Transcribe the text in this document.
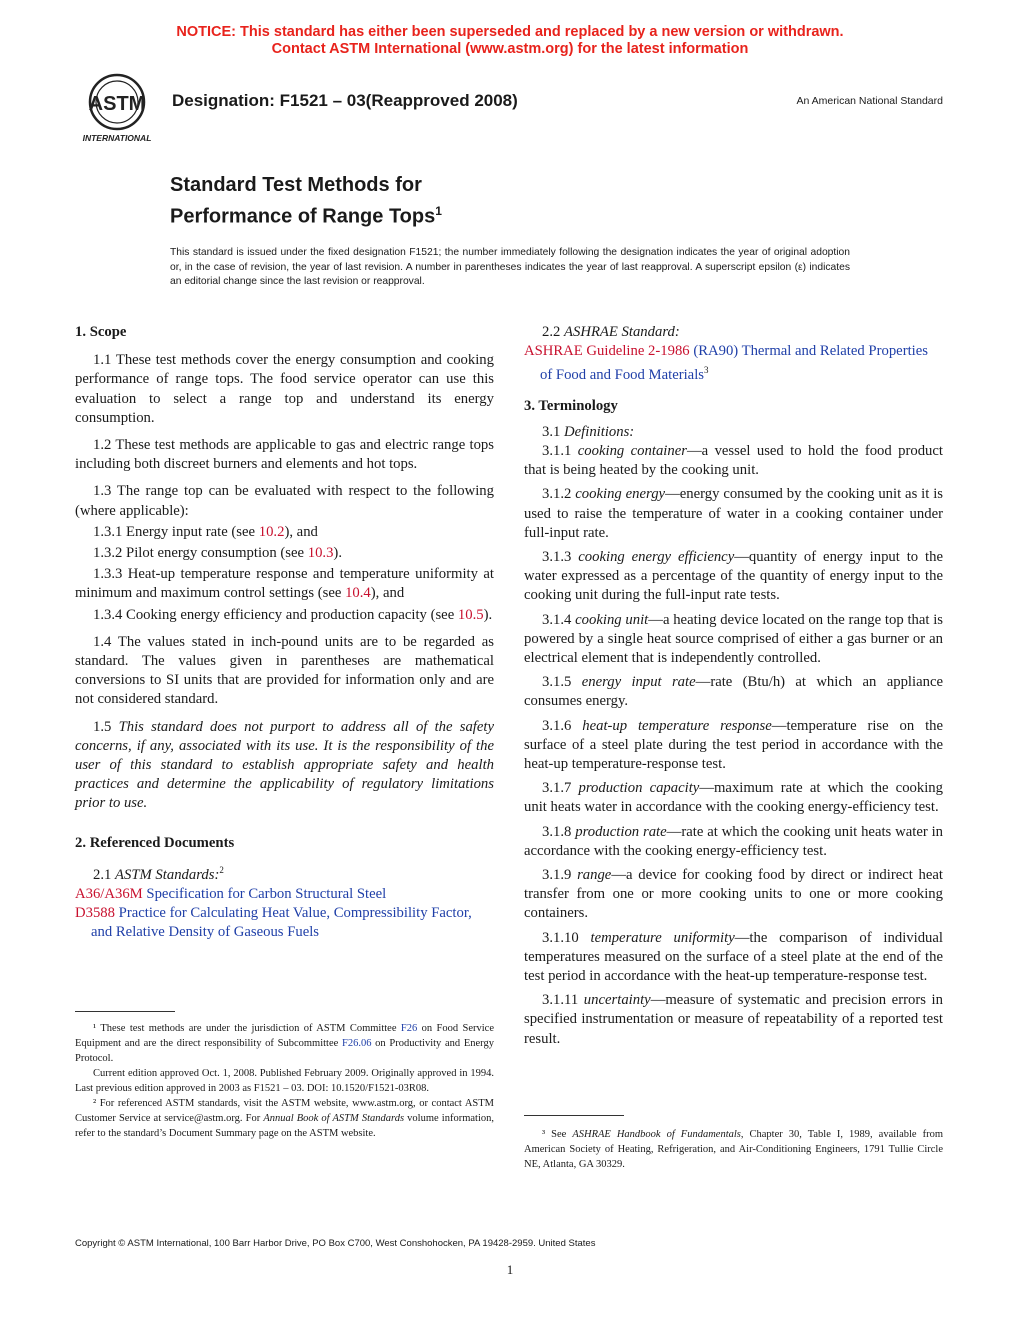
NOTICE: This standard has either been superseded and replaced by a new version or withdrawn.
Contact ASTM International (www.astm.org) for the latest information
ASTM
INTERNATIONAL
Designation: F1521 – 03(Reapproved 2008)	An American National Standard
Standard Test Methods for
Performance of Range Tops$^1$
This standard is issued under the fixed designation F1521; the number immediately following the designation indicates the year of original adoption or, in the case of revision, the year of last revision. A number in parentheses indicates the year of last reapproval. A superscript epsilon (ε) indicates an editorial change since the last revision or reapproval.

1. Scope

1.1 These test methods cover the energy consumption and cooking performance of range tops. The food service operator can use this evaluation to select a range top and understand its energy consumption.

1.2 These test methods are applicable to gas and electric range tops including both discreet burners and elements and hot tops.

1.3 The range top can be evaluated with respect to the following (where applicable):

1.3.1 Energy input rate (see 10.2), and

1.3.2 Pilot energy consumption (see 10.3).

1.3.3 Heat-up temperature response and temperature uniformity at minimum and maximum control settings (see 10.4), and

1.3.4 Cooking energy efficiency and production capacity (see 10.5).

1.4 The values stated in inch-pound units are to be regarded as standard. The values given in parentheses are mathematical conversions to SI units that are provided for information only and are not considered standard.

1.5 This standard does not purport to address all of the safety concerns, if any, associated with its use. It is the responsibility of the user of this standard to establish appropriate safety and health practices and determine the applicability of regulatory limitations prior to use.

2. Referenced Documents

2.1 ASTM Standards:$^2$

A36/A36M Specification for Carbon Structural Steel

D3588 Practice for Calculating Heat Value, Compressibility Factor, and Relative Density of Gaseous Fuels

¹ These test methods are under the jurisdiction of ASTM Committee F26 on Food Service Equipment and are the direct responsibility of Subcommittee F26.06 on Productivity and Energy Protocol.

Current edition approved Oct. 1, 2008. Published February 2009. Originally approved in 1994. Last previous edition approved in 2003 as F1521 – 03. DOI: 10.1520/F1521-03R08.

² For referenced ASTM standards, visit the ASTM website, www.astm.org, or contact ASTM Customer Service at service@astm.org. For Annual Book of ASTM Standards volume information, refer to the standard’s Document Summary page on the ASTM website.

2.2 ASHRAE Standard:

ASHRAE Guideline 2-1986 (RA90) Thermal and Related Properties of Food and Food Materials$^3$

3. Terminology

3.1 Definitions:

3.1.1 cooking container—a vessel used to hold the food product that is being heated by the cooking unit.

3.1.2 cooking energy—energy consumed by the cooking unit as it is used to raise the temperature of water in a cooking container under full-input rate.

3.1.3 cooking energy efficiency—quantity of energy input to the water expressed as a percentage of the quantity of energy input to the cooking unit during the full-input rate tests.

3.1.4 cooking unit—a heating device located on the range top that is powered by a single heat source comprised of either a gas burner or an electrical element that is independently controlled.

3.1.5 energy input rate—rate (Btu/h) at which an appliance consumes energy.

3.1.6 heat-up temperature response—temperature rise on the surface of a steel plate during the test period in accordance with the heat-up temperature-response test.

3.1.7 production capacity—maximum rate at which the cooking unit heats water in accordance with the cooking energy-efficiency test.

3.1.8 production rate—rate at which the cooking unit heats water in accordance with the cooking energy-efficiency test.

3.1.9 range—a device for cooking food by direct or indirect heat transfer from one or more cooking units to one or more cooking containers.

3.1.10 temperature uniformity—the comparison of individual temperatures measured on the surface of a steel plate at the end of the test period in accordance with the heat-up temperature-response test.

3.1.11 uncertainty—measure of systematic and precision errors in specified instrumentation or measure of repeatability of a reported test result.

³ See ASHRAE Handbook of Fundamentals, Chapter 30, Table I, 1989, available from American Society of Heating, Refrigeration, and Air-Conditioning Engineers, 1791 Tullie Circle NE, Atlanta, GA 30329.

Copyright © ASTM International, 100 Barr Harbor Drive, PO Box C700, West Conshohocken, PA 19428-2959. United States
1
